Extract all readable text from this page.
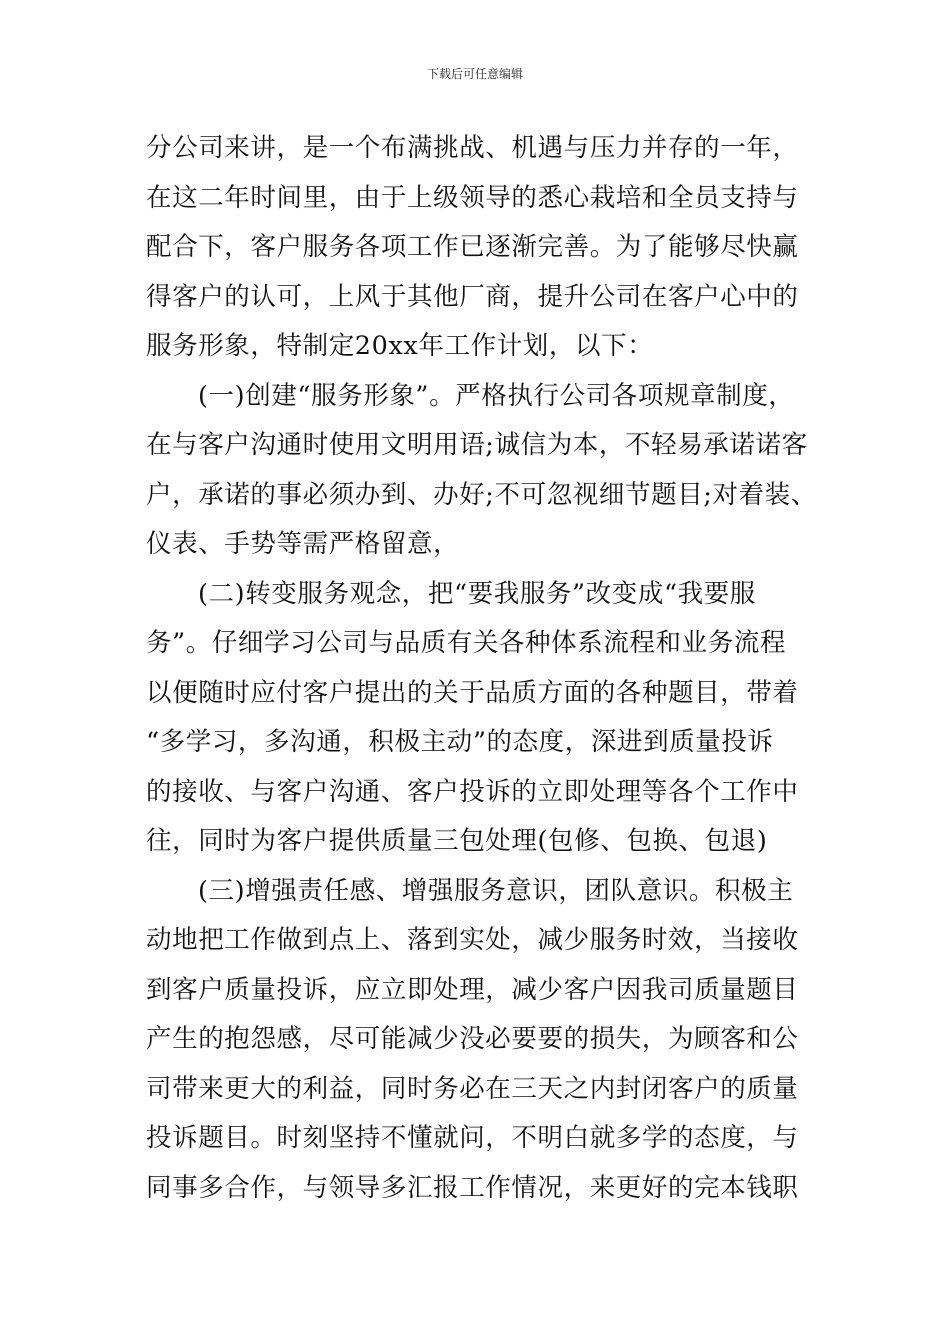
下载后可任意编辑
分公司来讲，是一个布满挑战、机遇与压力并存的一年，
在这二年时间里，由于上级领导的悉心栽培和全员支持与
配合下，客户服务各项工作已逐渐完善。为了能够尽快赢
得客户的认可，上风于其他厂商，提升公司在客户心中的
服务形象，特制定20xx年工作计划，以下：
(一)创建“服务形象”。严格执行公司各项规章制度，
在与客户沟通时使用文明用语;诚信为本，不轻易承诺诺客
户，承诺的事必须办到、办好;不可忽视细节题目;对着装、
仪表、手势等需严格留意，
(二)转变服务观念，把“要我服务”改变成“我要服
务”。仔细学习公司与品质有关各种体系流程和业务流程
以便随时应付客户提出的关于品质方面的各种题目，带着
“多学习，多沟通，积极主动”的态度，深进到质量投诉
的接收、与客户沟通、客户投诉的立即处理等各个工作中
往，同时为客户提供质量三包处理(包修、包换、包退)
(三)增强责任感、增强服务意识，团队意识。积极主
动地把工作做到点上、落到实处，减少服务时效，当接收
到客户质量投诉，应立即处理，减少客户因我司质量题目
产生的抱怨感，尽可能减少没必要要的损失，为顾客和公
司带来更大的利益，同时务必在三天之内封闭客户的质量
投诉题目。时刻坚持不懂就问，不明白就多学的态度，与
同事多合作，与领导多汇报工作情况，来更好的完本钱职
